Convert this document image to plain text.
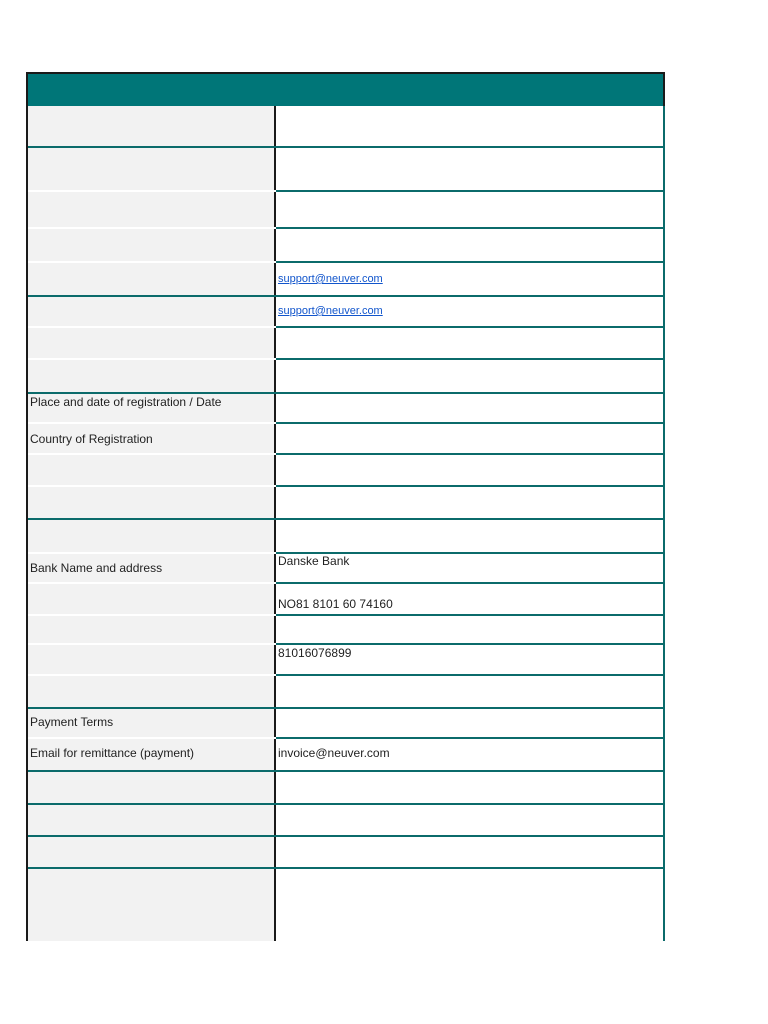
support@neuver.com
support@neuver.com
Place and date of registration / Date
Country of Registration
Bank Name and address	Danske Bank
NO81 8101 60 74160
81016076899
Payment Terms
Email for remittance (payment)	invoice@neuver.com
